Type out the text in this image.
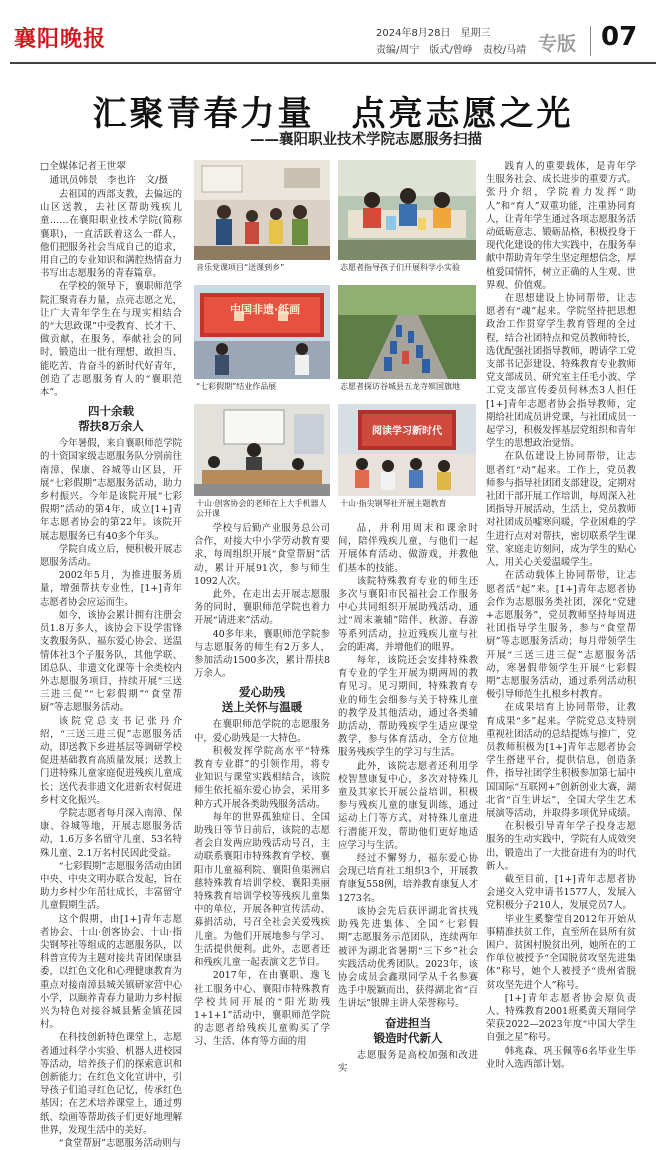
襄阳晚报	2024年8月28日　星期三
责编/周宁　版式/曾峥　责校/马靖 专版 07
汇聚青春力量　点亮志愿之光
——襄阳职业技术学院志愿服务扫描

□全媒体记者王世翠

通讯员韩景　李也许　文/摄

去祖国的西部支教，去偏远的山区送教，去社区帮助残疾儿童……在襄阳职业技术学院(简称襄职)，一直活跃着这么一群人，他们把服务社会当成自己的追求，用自己的专业知识和满腔热情奋力书写出志愿服务的青春篇章。

在学校的领导下，襄职师范学院汇聚青春力量，点亮志愿之光，让广大青年学生在与现实相结合的“大思政课”中受教育、长才干、做贡献，在服务、奉献社会的同时，锻造出一批有理想、敢担当、能吃苦、肯奋斗的新时代好青年，创造了志愿服务育人的“襄职范本”。

四十余载
帮扶8万余人

今年暑假，来自襄职师范学院的十资国家级志愿服务队分别前往南漳、保康、谷城等山区县，开展“七彩假期”志愿服务活动，助力乡村振兴。今年是该院开展“七彩假期”活动的第4年，成立[1+]青年志愿者协会的第22年。该院开展志愿服务已有40多个年头。

学院自成立后，便积极开展志愿服务活动。

2002年5月，为推进服务质量，增强帮扶专业性，[1+]青年志愿者协会应运而生。

如今，该协会累计拥有注册会员1.8万多人，该协会下设学雷锋支教服务队、福东爱心协会、送温情体社3个子服务队，其他学联、团总队、非遗文化课等十余类校内外志愿服务项目，持续开展“三送三进三促”“七彩假期”“食堂帮厨”等志愿服务活动。

该院党总支书记张丹介绍，“三送三进三促”志愿服务活动，即送教下乡进基层等调研学校促进基础教育高质量发展；送教上门进特殊儿童家庭促进残疾儿童成长；送代表非遗文化进新农村促进乡村文化振兴。

学院志愿者每月深入南漳、保康、谷城等地，开展志愿服务活动，1.6万多名留守儿童、53名特殊儿童、2.1万名村民因此受益。

“七彩假期”志愿服务活动由团中央、中央文明办联合发起，旨在助力乡村少年茁壮成长，丰富留守儿童假期生活。

这个假期，由[1+]青年志愿者协会、十山·创客协会、十山·指尖钢琴社等组成的志愿服务队，以科普宣传为主题对接共青团保康县委，以红色文化和心理健康教育为重点对接南漳县城关镇研家营中心小学，以颐养青春力量助力乡村振兴为特色对接谷城县紫金镇花园村。

在科技创新特色课堂上，志愿者通过科学小实验、机器人进校园等活动，培养孩子们的探索意识和创新能力；在红色文化宣讲中，引导孩子们追寻红色记忆，传承红色基因；在艺术培养课堂上，通过剪纸、绘画等帮助孩子们更好地理解世界，发现生活中的美好。

“食堂帮厨”志愿服务活动则与

音乐党课项目“送课到乡”	志愿者指导孩子们开展科学小实验
中国非遗·纸画
“七彩假期”结业作品展	志愿者探访谷城县五龙寺殡国旗地
十山·创客协会的老师在上大手机器人公开课
阅读学习新时代
十山·指尖钢琴社开展主题教育

学校与后勤产业服务总公司合作，对接大中小学劳动教育要求，每周组织开展“食堂帮厨”活动，累计开展91次，参与师生1092人次。

此外，在走出去开展志愿服务的同时，襄职师范学院也着力开展“请进来”活动。

40多年来，襄职师范学院参与志愿服务的师生有2万多人，参加活动1500多次，累计帮扶8万余人。

爱心助残
送上关怀与温暖

在襄职师范学院的志愿服务中，爱心助残是一大特色。

积极发挥学院高水平“特殊教育专业群”的引领作用，将专业知识与课堂实践相结合，该院师生依托福东爱心协会，采用多种方式开展各类助残服务活动。

每年的世界孤独症日、全国助残日等节日前后，该院的志愿者会自发两应助残活动号召，主动联系襄阳市特殊教育学校、襄阳市儿童福利院、襄阳鱼渠洲启慈特殊教育培训学校、襄阳美丽特殊教育培训学校等残疾儿童集中的单位，开展各种宣传活动、募捐活动，号召全社会关爱残疾儿童。为他们开展地参与学习、生活提供便利。此外，志愿者还和残疾儿童一起表演文艺节目。

2017年，在由襄职、逸飞社工服务中心、襄阳市特殊教育学校共同开展的“阳光助残1+1+1”活动中，襄职师范学院的志愿者给残疾儿童购买了学习、生活、体育等方面的用

品，并利用周末和课余时间，陪伴残疾儿童，与他们一起开展体育活动、做游戏，并教他们基本的技能。

该院特殊教育专业的师生还多次与襄阳市民福社会工作服务中心共同组织开展助残活动，通过“周末兼辅”陪伴、秋游、春游等系列活动，拉近残疾儿童与社会的距离，并增他们的眼界。

每年，该院还会安排特殊教育专业的学生开展为期两周的教育见习。见习期间，特殊教育专业的师生会细参与关于特殊儿童的教学及其他活动，通过各类辅助活动，帮助残疾学生适应课堂教学，参与体育活动，全方位地服务残疾学生的学习与生活。

此外，该院志愿者还利用学校智慧康复中心，多次对特殊儿童及其家长开展公益培训，积极参与残疾儿童的康复训练，通过运动上门等方式，对特殊儿童进行潜能开发，帮助他们更好地适应学习与生活。

经过不懈努力，福东爱心协会现已培育社工组织3个，开展教育康复558例，培养教育康复人才1273名。

该协会先后获评湖北省扶残助残先进集体、全国“七彩假期”志愿服务示范团队，连续两年被评为湖北省暑期“三下乡”社会实践活动优秀团队。2023年，该协会成员会鑫琪同学从千名参赛选手中脱颖而出，获得湖北省“百生讲坛”银牌主讲人荣誉称号。

奋进担当
锻造时代新人

志愿服务是高校加强和改进实

践育人的重要载体，是青年学生服务社会、成长进步的重要方式。张丹介绍，学院着力发挥“助人”和“育人”双重功能，注重协同育人，让青年学生通过各项志愿服务活动砥砺意志、锻砺品格，积极投身于现代化建设的伟大实践中，在服务奉献中帮助青年学生坚定理想信念，厚植爱国情怀，树立正确的人生观、世界观、价值观。

在思想建设上协同帮带，让志愿者有“魂”起来。学院坚持把思想政治工作贯穿学生教育管理的全过程，结合社团特点和党员教师特长，选优配强社团指导教师，聘请学工党支部书记彭建设、特殊教育专业教师党支部成员、研究室主任毛小波、学工党支部宣传委员何林杰3人担任[1+]青年志愿者协会指导教师，定期给社团成员讲党课，与社团成员一起学习，积极发挥基层党组织和青年学生的思想政治觉悟。

在队伍建设上协同帮带，让志愿者红“动”起来。工作上，党员教师参与指导社团团支部建设，定期对社团干部开展工作培训，每周深入社团指导开展活动，生活上，党员教师对社团成员嘘寒问暖，学业困难的学生进行点对对帮扶，密切联系学生课堂、家庭走访刻问，成为学生的贴心人，用关心关爱温暖学生。

在活动载体上协同帮带，让志愿者活“起”来。[1+]青年志愿者协会作为志愿服务类社团，深化“党建+志愿服务”，党员教师坚持每周进社团指导学生服务，参与“食堂帮厨”等志愿服务活动；每月带领学生开展“三送三进三促”志愿服务活动，寒暑假带领学生开展“七彩假期”志愿服务活动，通过系列活动积极引导师范生扎根乡村教育。

在成果培育上协同帮带，让教育成果“多”起来。学院党总支特别重视社团活动的总结提炼与推广，党员教师积极为[1+]青年志愿者协会学生搭建平台，提供信息，创造条件，指导社团学生积极参加第七届中国国际“互联网+”创新创业大赛，湖北省“百生讲坛”，全国大学生艺术展演等活动，并取得多项优异成绩。

在积极引导青年学子投身志愿服务的生动实践中，学院有人成效突出，锻造出了一大批奋进有为的时代新人。

截至目前，[1+]青年志愿者协会递交入党申请书1577人，发展入党积极分子210人，发展党员7人。

毕业生奚黎莹自2012年开始从事精准扶贫工作，直至所在县所有贫困户、贫困村脱贫出列，她所在的工作单位被授予“全国脱贫攻坚先进集体”称号，她个人被授予“贵州省脱贫攻坚先进个人”称号。

[1+]青年志愿者协会原负责人、特殊教育2001班奚黄天翔同学荣获2022—2023年度“中国大学生自强之星”称号。

韩兆森、巩玉佩等6名毕业生毕业时入选西部计划。
